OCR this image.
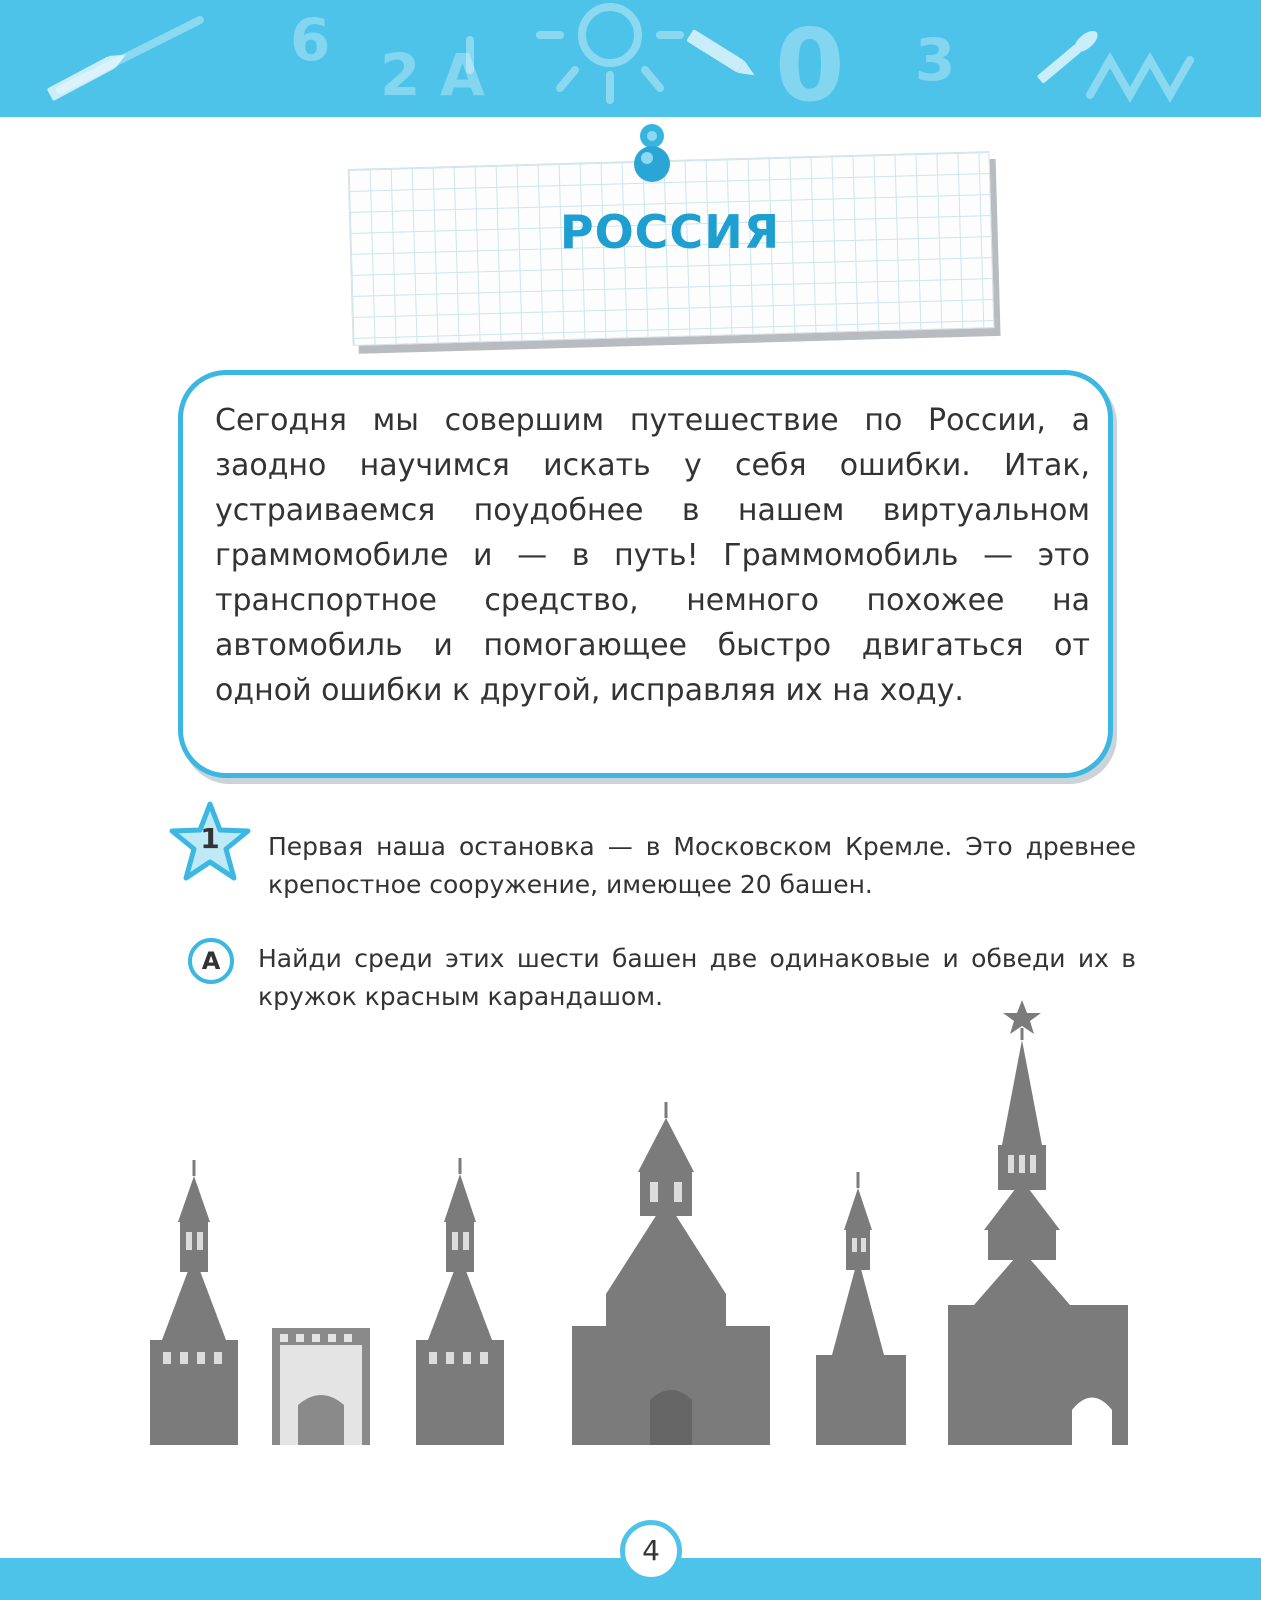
6
2 А	0 3
РОССИЯ
Сегодня мы совершим путешествие по России, а заодно научимся искать у себя ошибки. Итак, устраиваемся поудобнее в нашем виртуальном граммомобиле и — в путь! Граммомобиль — это транспортное средство, немного похожее на автомобиль и помогающее быстро двигаться от одной ошибки к другой, исправляя их на ходу.
1	Первая наша остановка — в Московском Кремле. Это древнее крепостное сооружение, имеющее 20 башен.
А	Найди среди этих шести башен две одинаковые и обведи их в кружок красным карандашом.
4
